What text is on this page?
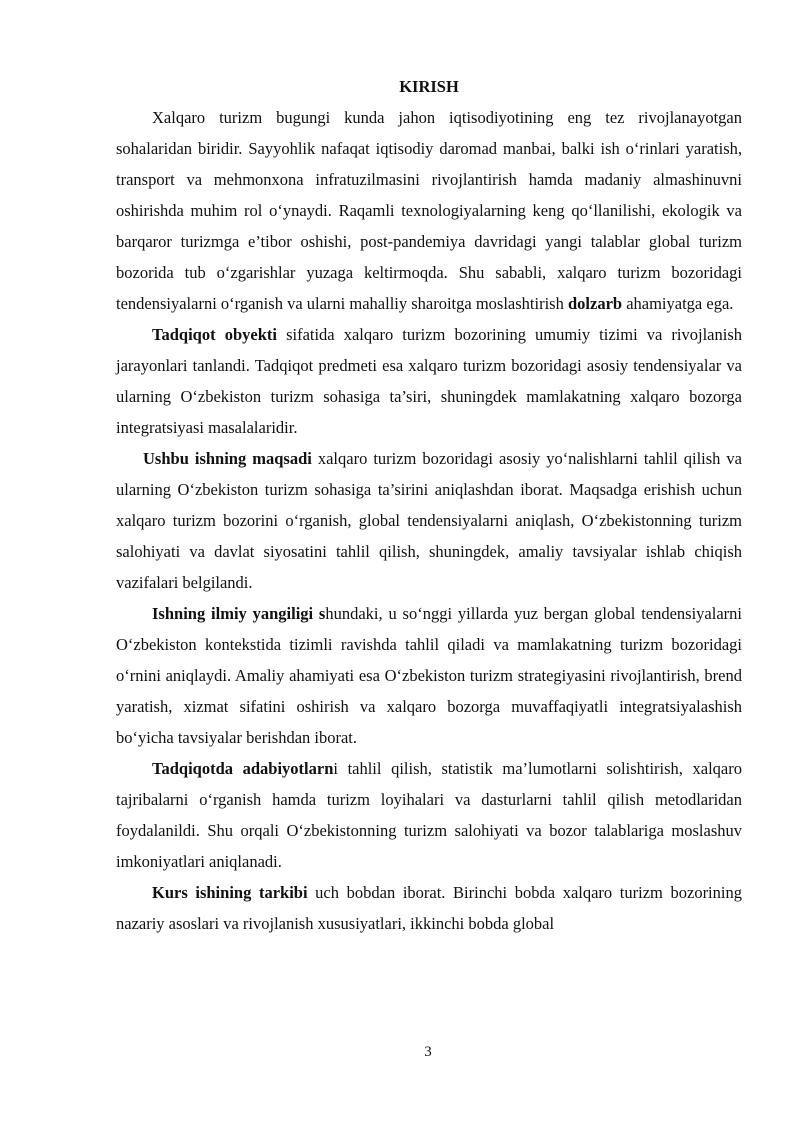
KIRISH

Xalqaro turizm bugungi kunda jahon iqtisodiyotining eng tez rivojlanayotgan sohalaridan biridir. Sayyohlik nafaqat iqtisodiy daromad manbai, balki ish o‘rinlari yaratish, transport va mehmonxona infratuzilmasini rivojlantirish hamda madaniy almashinuvni oshirishda muhim rol o‘ynaydi. Raqamli texnologiyalarning keng qo‘llanilishi, ekologik va barqaror turizmga e’tibor oshishi, post-pandemiya davridagi yangi talablar global turizm bozorida tub o‘zgarishlar yuzaga keltirmoqda. Shu sababli, xalqaro turizm bozoridagi tendensiyalarni o‘rganish va ularni mahalliy sharoitga moslashtirish dolzarb ahamiyatga ega.

Tadqiqot obyekti sifatida xalqaro turizm bozorining umumiy tizimi va rivojlanish jarayonlari tanlandi. Tadqiqot predmeti esa xalqaro turizm bozoridagi asosiy tendensiyalar va ularning O‘zbekiston turizm sohasiga ta’siri, shuningdek mamlakatning xalqaro bozorga integratsiyasi masalalaridir.

Ushbu ishning maqsadi xalqaro turizm bozoridagi asosiy yo‘nalishlarni tahlil qilish va ularning O‘zbekiston turizm sohasiga ta’sirini aniqlashdan iborat. Maqsadga erishish uchun xalqaro turizm bozorini o‘rganish, global tendensiyalarni aniqlash, O‘zbekistonning turizm salohiyati va davlat siyosatini tahlil qilish, shuningdek, amaliy tavsiyalar ishlab chiqish vazifalari belgilandi.

Ishning ilmiy yangiligi shundaki, u so‘nggi yillarda yuz bergan global tendensiyalarni O‘zbekiston kontekstida tizimli ravishda tahlil qiladi va mamlakatning turizm bozoridagi o‘rnini aniqlaydi. Amaliy ahamiyati esa O‘zbekiston turizm strategiyasini rivojlantirish, brend yaratish, xizmat sifatini oshirish va xalqaro bozorga muvaffaqiyatli integratsiyalashish bo‘yicha tavsiyalar berishdan iborat.

Tadqiqotda adabiyotlarni tahlil qilish, statistik ma’lumotlarni solishtirish, xalqaro tajribalarni o‘rganish hamda turizm loyihalari va dasturlarni tahlil qilish metodlaridan foydalanildi. Shu orqali O‘zbekistonning turizm salohiyati va bozor talablariga moslashuv imkoniyatlari aniqlanadi.

Kurs ishining tarkibi uch bobdan iborat. Birinchi bobda xalqaro turizm bozorining nazariy asoslari va rivojlanish xususiyatlari, ikkinchi bobda global

3
